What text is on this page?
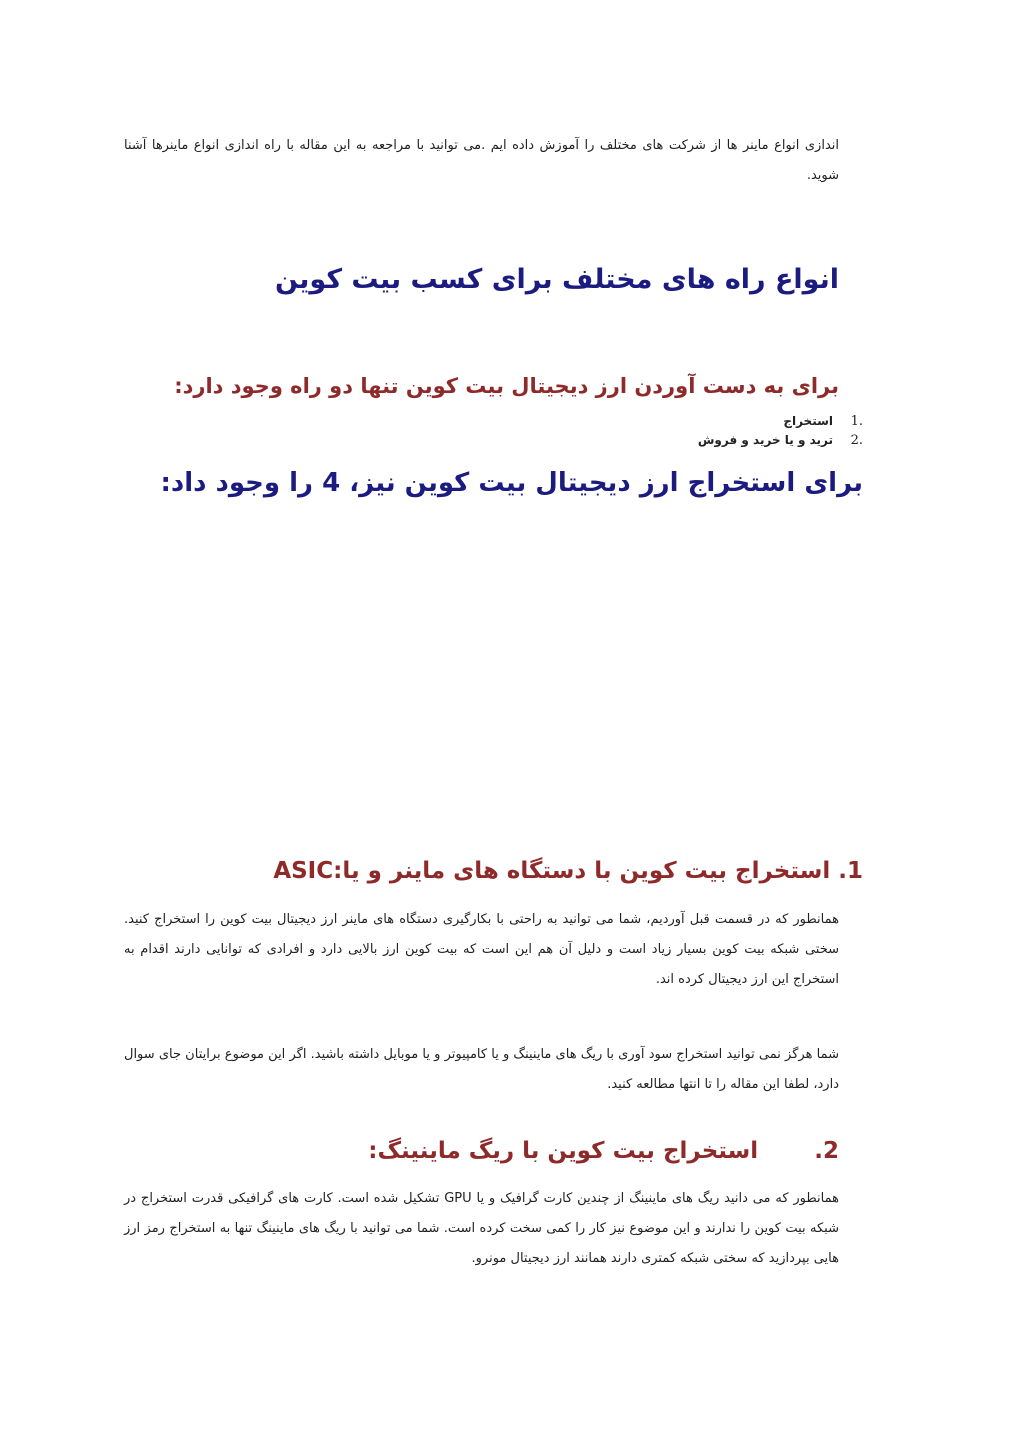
اندازی انواع ماینر ها از شرکت های مختلف را آموزش داده ایم .می توانید با مراجعه به این مقاله با راه اندازی انواع ماینرها آشنا شوید.

انواع راه های مختلف برای کسب بیت کوین
برای به دست آوردن ارز دیجیتال بیت کوین تنها دو راه وجود دارد:
.1استخراج
.2ترید و یا خرید و فروش
برای استخراج ارز دیجیتال بیت کوین نیز، 4 را وجود داد:
1. استخراج بیت کوین با دستگاه های ماینر و یا:ASIC

همانطور که در قسمت قبل آوردیم، شما می توانید به راحتی با بکارگیری دستگاه های ماینر ارز دیجیتال بیت کوین را استخراج کنید. سختی شبکه بیت کوین بسیار زیاد است و دلیل آن هم این است که بیت کوین ارز بالایی دارد و افرادی که توانایی دارند اقدام به استخراج این ارز دیجیتال کرده اند.

شما هرگز نمی توانید استخراج سود آوری با ریگ های ماینینگ و یا کامپیوتر و یا موبایل داشته باشید. اگر این موضوع برایتان جای سوال دارد، لطفا این مقاله را تا انتها مطالعه کنید.

2.       استخراج بیت کوین با ریگ ماینینگ:

همانطور که می دانید ریگ های ماینینگ از چندین کارت گرافیک و یا GPU تشکیل شده است. کارت های گرافیکی قدرت استخراج در شبکه بیت کوین را ندارند و این موضوع نیز کار را کمی سخت کرده است. شما می توانید با ریگ های ماینینگ تنها به استخراج رمز ارز هایی بپردازید که سختی شبکه کمتری دارند همانند ارز دیجیتال مونرو.
